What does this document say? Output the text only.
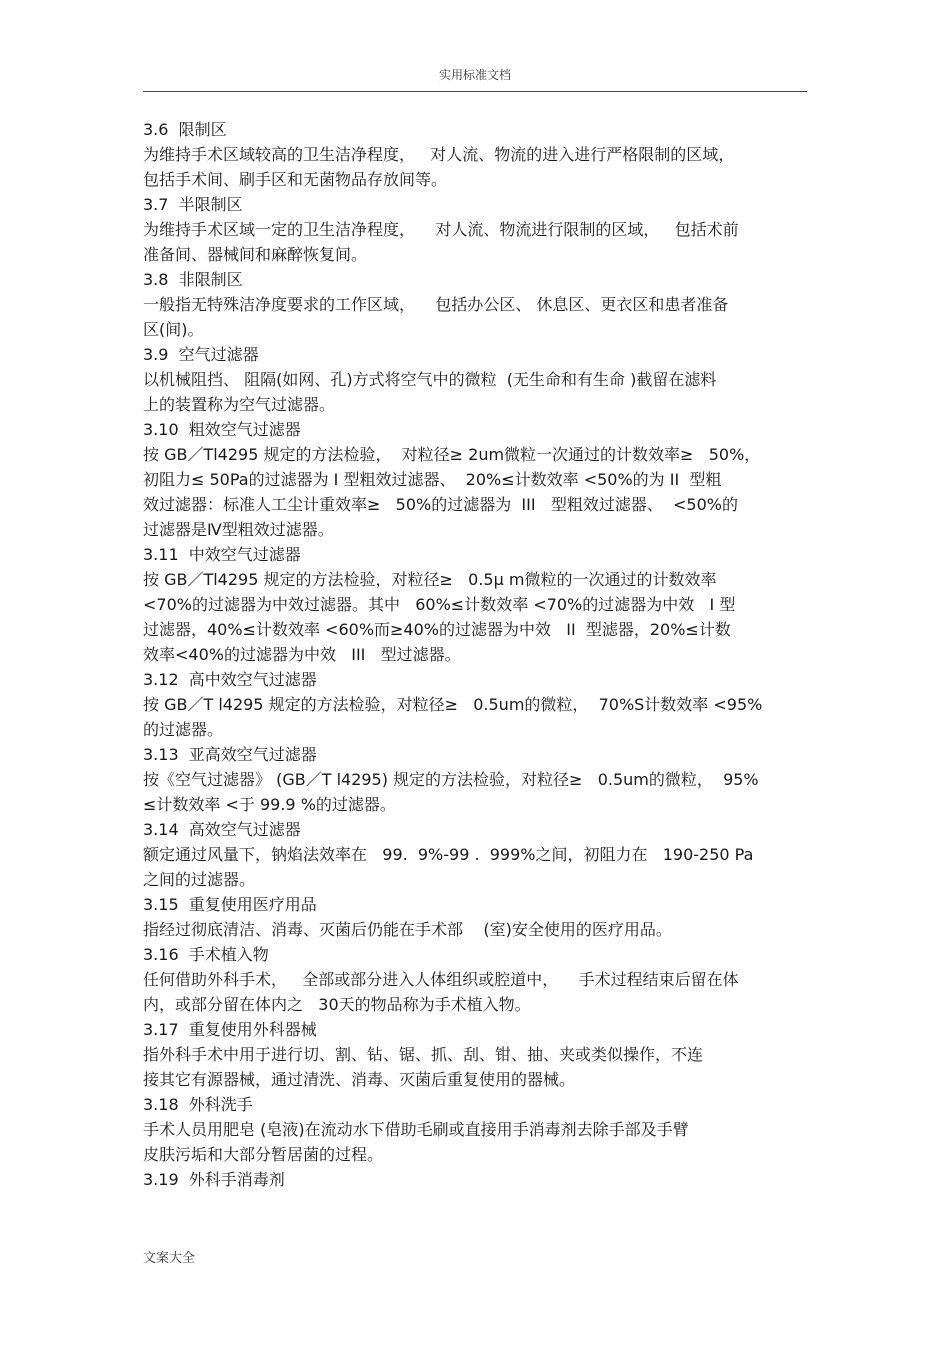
实用标准文档
3.6  限制区
为维持手术区域较高的卫生洁净程度，   对人流、物流的进入进行严格限制的区域，
包括手术间、刷手区和无菌物品存放间等。
3.7  半限制区
为维持手术区域一定的卫生洁净程度，    对人流、物流进行限制的区域，   包括术前
准备间、器械间和麻醉恢复间。
3.8  非限制区
一般指无特殊洁净度要求的工作区域，    包括办公区、 休息区、更衣区和患者准备
区(间)。
3.9  空气过滤器
以机械阻挡、 阻隔(如网、孔)方式将空气中的微粒  (无生命和有生命 )截留在滤料
上的装置称为空气过滤器。
3.10  粗效空气过滤器
按 GB／Tl4295 规定的方法检验，  对粒径≥ 2um微粒一次通过的计数效率≥   50%，
初阻力≤ 50Pa的过滤器为 I 型粗效过滤器、  20%≤计数效率 <50%的为 II  型粗
效过滤器：标准人工尘计重效率≥   50%的过滤器为  III   型粗效过滤器、  <50%的
过滤器是Ⅳ型粗效过滤器。
3.11  中效空气过滤器
按 GB／Tl4295 规定的方法检验，对粒径≥   0.5μ m微粒的一次通过的计数效率
<70%的过滤器为中效过滤器。其中   60%≤计数效率 <70%的过滤器为中效   I 型
过滤器，40%≤计数效率 <60%而≥40%的过滤器为中效   II  型滤器，20%≤计数
效率<40%的过滤器为中效   III   型过滤器。
3.12  高中效空气过滤器
按 GB／T l4295 规定的方法检验，对粒径≥   0.5um的微粒，  70%S计数效率 <95%
的过滤器。
3.13  亚高效空气过滤器
按《空气过滤器》 (GB／T l4295) 规定的方法检验，对粒径≥   0.5um的微粒，  95%
≤计数效率 <于 99.9 %的过滤器。
3.14  高效空气过滤器
额定通过风量下，钠焰法效率在   99.  9%-99 .  999%之间，初阻力在   190-250 Pa
之间的过滤器。
3.15  重复使用医疗用品
指经过彻底清洁、消毒、灭菌后仍能在手术部    (室)安全使用的医疗用品。
3.16  手术植入物
任何借助外科手术，   全部或部分进入人体组织或腔道中，    手术过程结束后留在体
内，或部分留在体内之   30天的物品称为手术植入物。
3.17  重复使用外科器械
指外科手术中用于进行切、割、钻、锯、抓、刮、钳、抽、夹或类似操作，不连
接其它有源器械，通过清洗、消毒、灭菌后重复使用的器械。
3.18  外科洗手
手术人员用肥皂 (皂液)在流动水下借助毛刷或直接用手消毒剂去除手部及手臂
皮肤污垢和大部分暂居菌的过程。
3.19  外科手消毒剂
文案大全
